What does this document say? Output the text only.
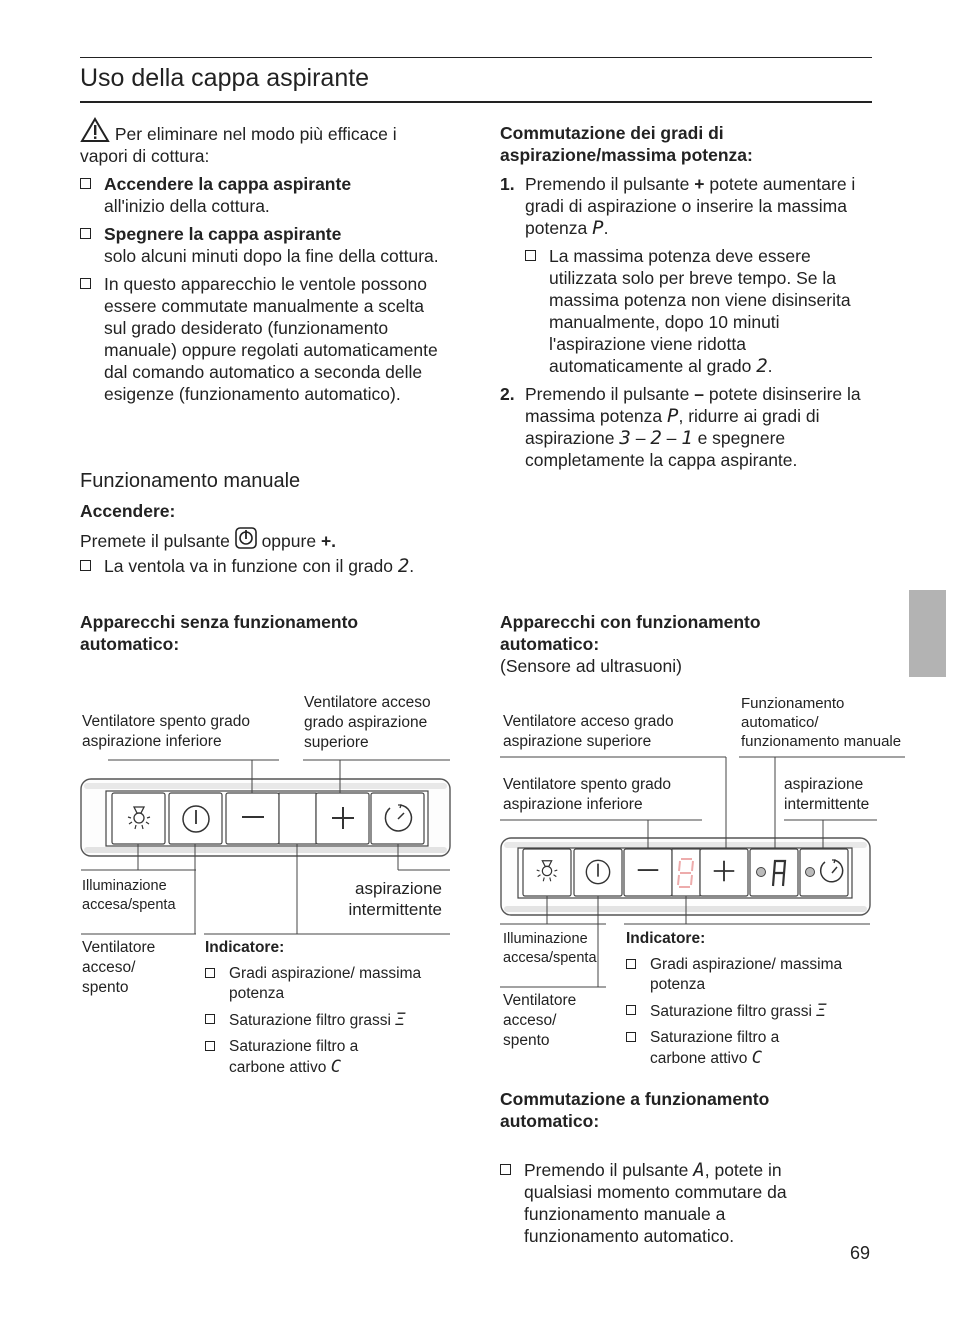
Uso della cappa aspirante

Per eliminare nel modo più efficace i vapori di cottura:

Accendere la cappa aspirante
all'inizio della cottura.
Spegnere la cappa aspirante
solo alcuni minuti dopo la fine della cottura.
In questo apparecchio le ventole possono essere commutate manualmente a scelta sul grado desiderato (funzionamento manuale) oppure regolati automaticamente dal comando automatico a seconda delle esigenze (funzionamento automatico).
Funzionamento manuale
Accendere:
Premete il pulsante oppure +.
La ventola va in funzione con il grado 2.

Commutazione dei gradi di aspirazione/massima potenza:

1. Premendo il pulsante + potete aumentare i gradi di aspirazione o inserire la massima potenza P.
La massima potenza deve essere utilizzata solo per breve tempo. Se la massima potenza non viene disinserita manualmente, dopo 10 minuti l'aspirazione viene ridotta automaticamente al grado 2.
2. Premendo il pulsante – potete disinserire la massima potenza P, ridurre ai gradi di aspirazione 3 – 2 – 1 e spegnere completamente la cappa aspirante.
Apparecchi senza funzionamento automatico:
Apparecchi con funzionamento automatico:
(Sensore ad ultrasuoni)
Ventilatore spento grado aspirazione inferiore
Ventilatore acceso grado aspirazione superiore
Illuminazione accesa/spenta
aspirazione intermittente
Ventilatore acceso/ spento
Indicatore:
Gradi aspirazione/ massima potenza
Saturazione filtro grassi Ξ
Saturazione filtro a carbone attivo C
Ventilatore acceso grado aspirazione superiore
Funzionamento automatico/ funzionamento manuale
Ventilatore spento grado aspirazione inferiore
aspirazione intermittente
Illuminazione accesa/spenta
Ventilatore acceso/ spento
Indicatore:
Gradi aspirazione/ massima potenza
Saturazione filtro grassi Ξ
Saturazione filtro a carbone attivo C
Commutazione a funzionamento automatico:
Premendo il pulsante A, potete in qualsiasi momento commutare da funzionamento manuale a funzionamento automatico.
69
